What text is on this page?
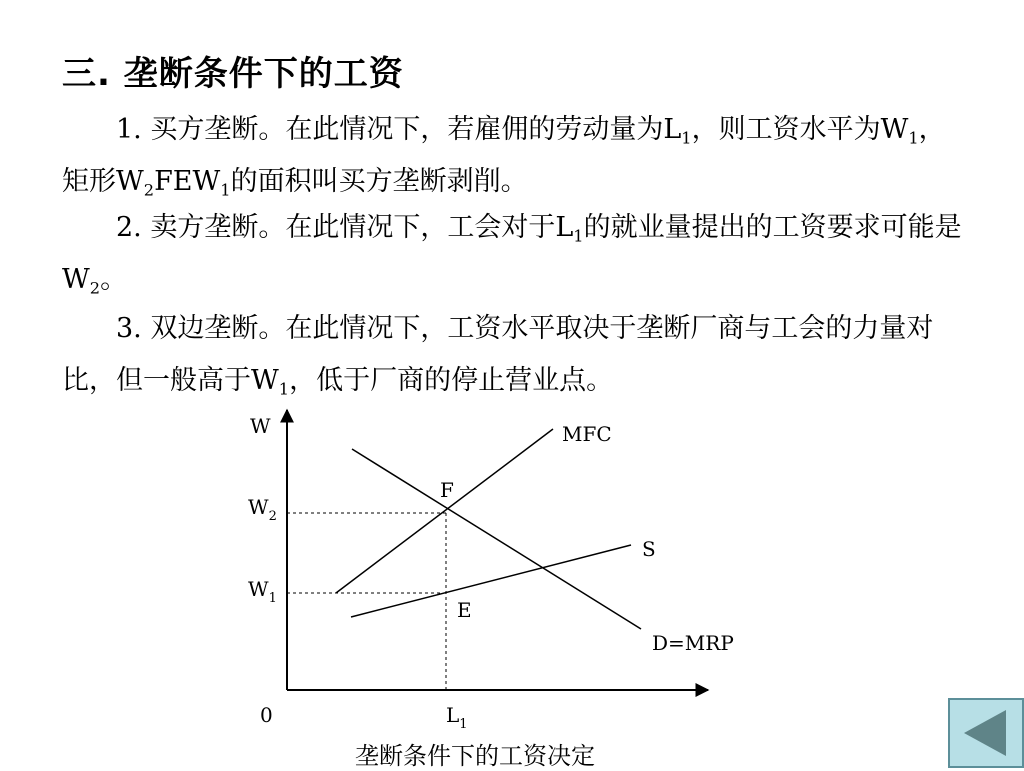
三. 垄断条件下的工资

1. 买方垄断。在此情况下，若雇佣的劳动量为$L_1$，则工资水平为$W_1$，矩形$W_2FEW_1$的面积叫买方垄断剥削。

2. 卖方垄断。在此情况下，工会对于$L_1$的就业量提出的工资要求可能是$W_2$。

3. 双边垄断。在此情况下，工资水平取决于垄断厂商与工会的力量对比，但一般高于$W_1$，低于厂商的停止营业点。

W
0	$L_1$
$W_2$
$W_1$
MFC
S
D=MRP
F
E

垄断条件下的工资决定
